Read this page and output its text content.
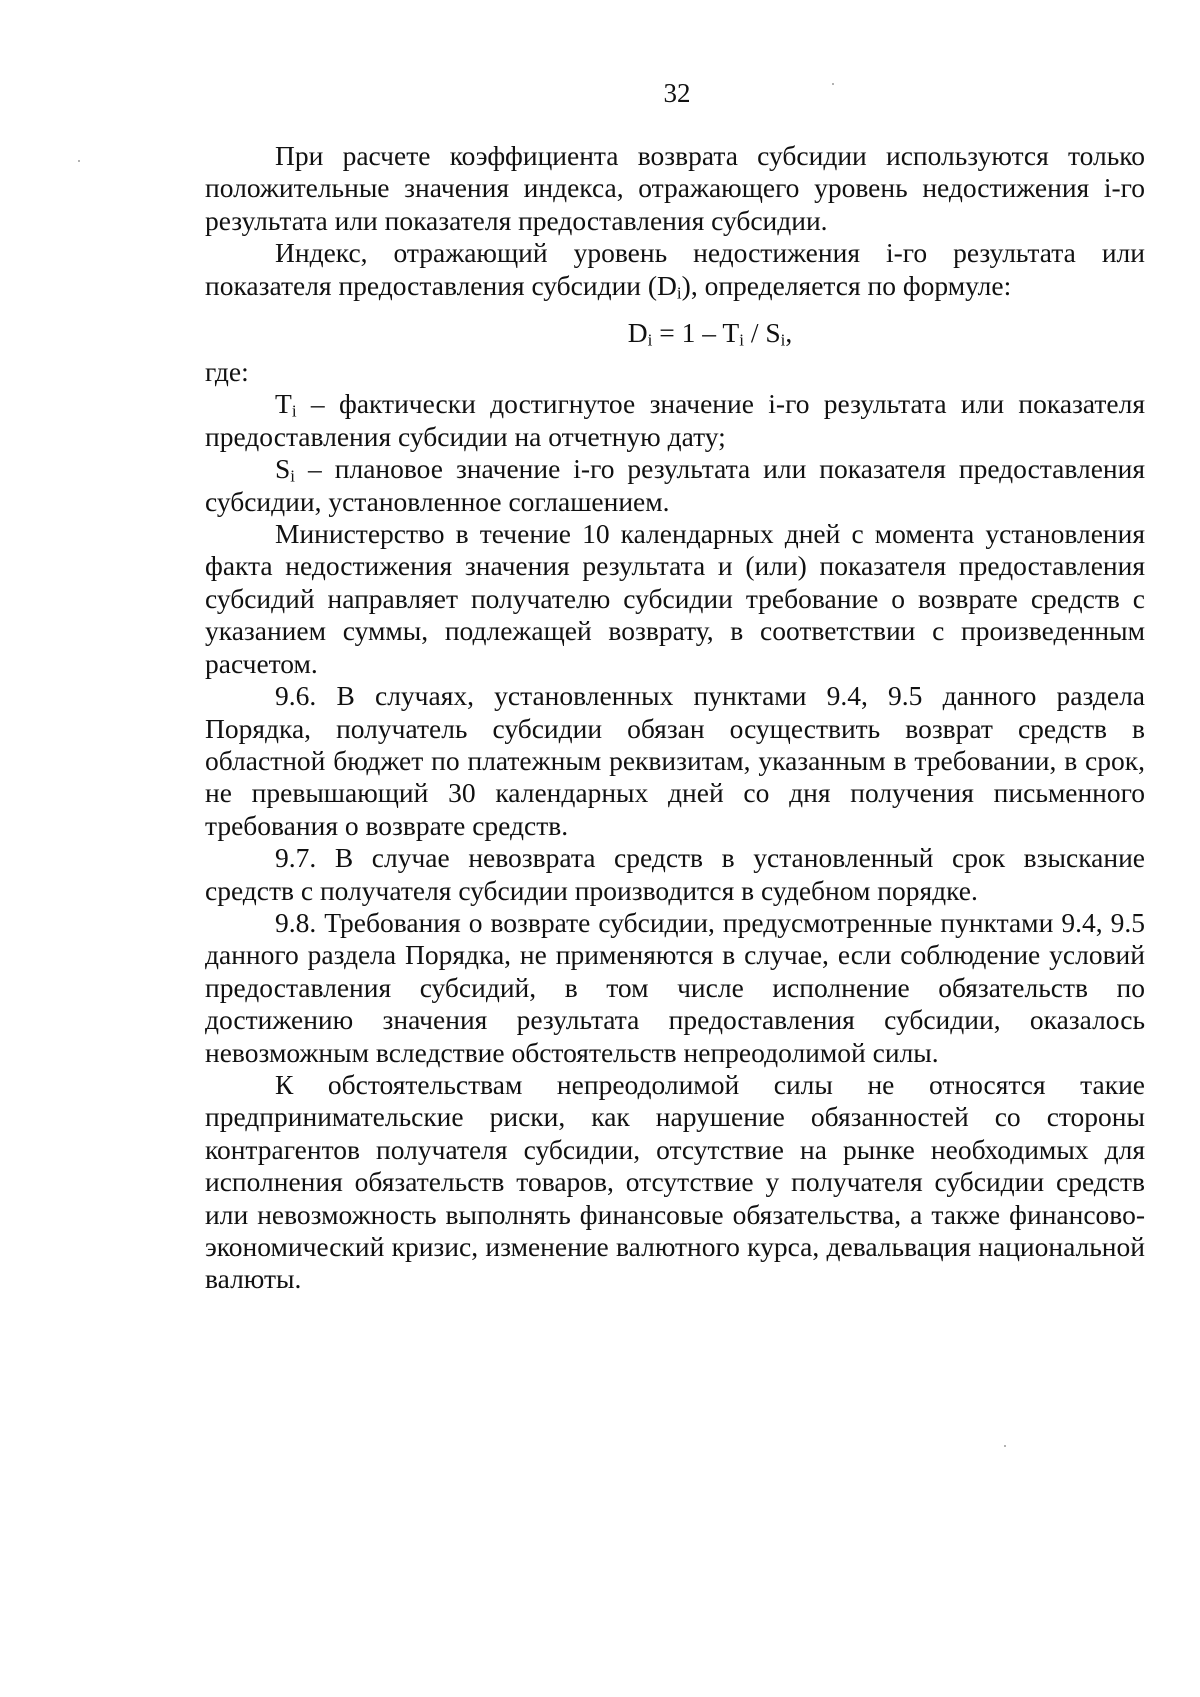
32

При расчете коэффициента возврата субсидии используются только положительные значения индекса, отражающего уровень недостижения i-го результата или показателя предоставления субсидии.

Индекс, отражающий уровень недостижения i-го результата или показателя предоставления субсидии $(D_i)$, определяется по формуле:

$D_i = 1 - T_i / S_i$,

где:

$T_i$ – фактически достигнутое значение i-го результата или показателя предоставления субсидии на отчетную дату;

$S_i$ – плановое значение i-го результата или показателя предоставления субсидии, установленное соглашением.

Министерство в течение 10 календарных дней с момента установления факта недостижения значения результата и (или) показателя предоставления субсидий направляет получателю субсидии требование о возврате средств с указанием суммы, подлежащей возврату, в соответствии с произведенным расчетом.

9.6. В случаях, установленных пунктами 9.4, 9.5 данного раздела Порядка, получатель субсидии обязан осуществить возврат средств в областной бюджет по платежным реквизитам, указанным в требовании, в срок, не превышающий 30 календарных дней со дня получения письменного требования о возврате средств.

9.7. В случае невозврата средств в установленный срок взыскание средств с получателя субсидии производится в судебном порядке.

9.8. Требования о возврате субсидии, предусмотренные пунктами 9.4, 9.5 данного раздела Порядка, не применяются в случае, если соблюдение условий предоставления субсидий, в том числе исполнение обязательств по достижению значения результата предоставления субсидии, оказалось невозможным вследствие обстоятельств непреодолимой силы.

К обстоятельствам непреодолимой силы не относятся такие предпринимательские риски, как нарушение обязанностей со стороны контрагентов получателя субсидии, отсутствие на рынке необходимых для исполнения обязательств товаров, отсутствие у получателя субсидии средств или невозможность выполнять финансовые обязательства, а также финансово-экономический кризис, изменение валютного курса, девальвация национальной валюты.
